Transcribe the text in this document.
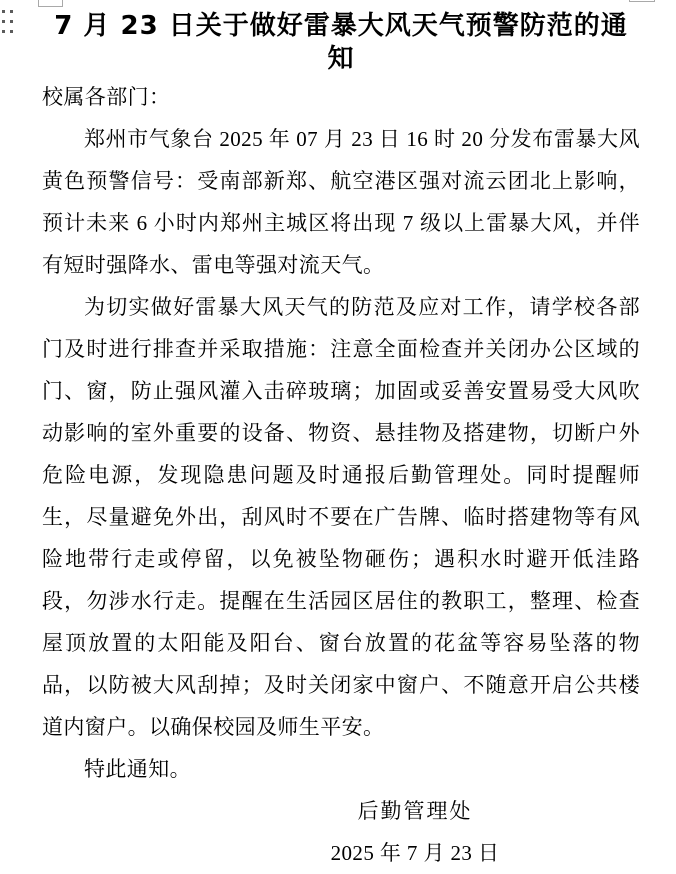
7 月 23 日关于做好雷暴大风天气预警防范的通知

校属各部门：

郑州市气象台 2025 年 07 月 23 日 16 时 20 分发布雷暴大风黄色预警信号：受南部新郑、航空港区强对流云团北上影响，预计未来 6 小时内郑州主城区将出现 7 级以上雷暴大风，并伴有短时强降水、雷电等强对流天气。

为切实做好雷暴大风天气的防范及应对工作，请学校各部门及时进行排查并采取措施：注意全面检查并关闭办公区域的门、窗，防止强风灌入击碎玻璃；加固或妥善安置易受大风吹动影响的室外重要的设备、物资、悬挂物及搭建物，切断户外危险电源，发现隐患问题及时通报后勤管理处。同时提醒师生，尽量避免外出，刮风时不要在广告牌、临时搭建物等有风险地带行走或停留，以免被坠物砸伤；遇积水时避开低洼路段，勿涉水行走。提醒在生活园区居住的教职工，整理、检查屋顶放置的太阳能及阳台、窗台放置的花盆等容易坠落的物品，以防被大风刮掉；及时关闭家中窗户、不随意开启公共楼道内窗户。以确保校园及师生平安。

特此通知。

后勤管理处

2025 年 7 月 23 日
